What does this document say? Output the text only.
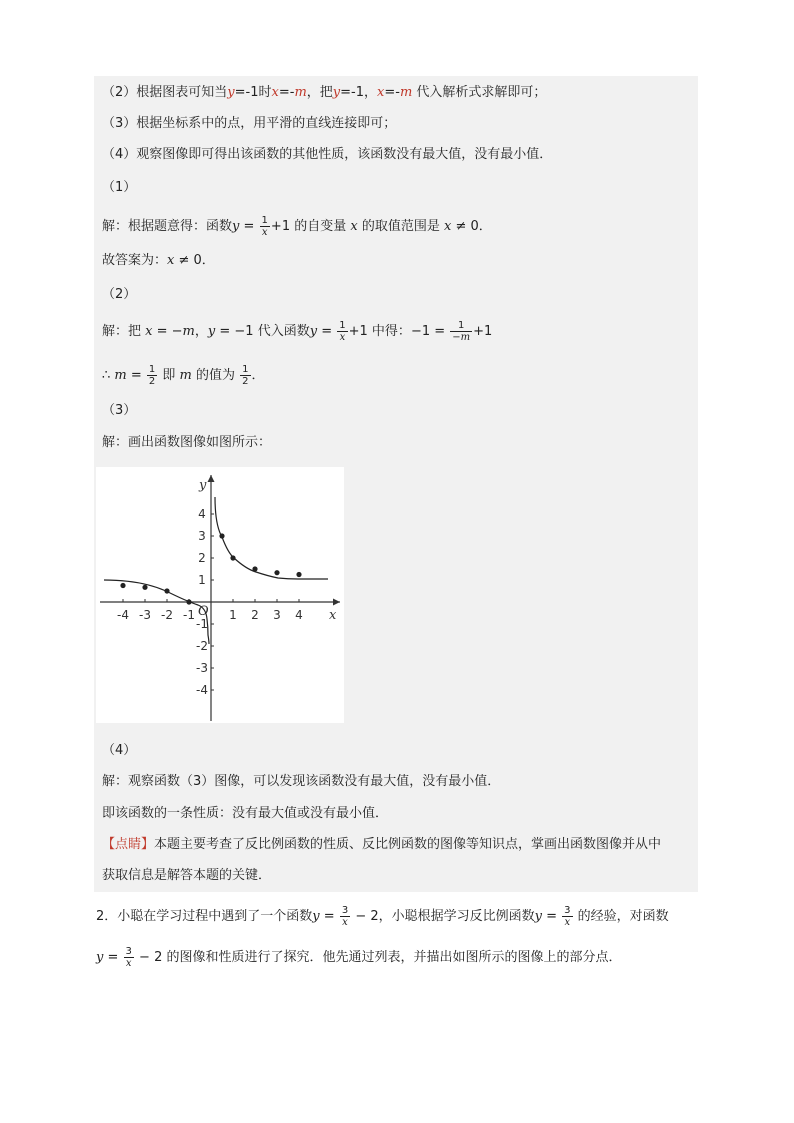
（2）根据图表可知当y=-1时x=-m，把y=-1，x=-m 代入解析式求解即可；
（3）根据坐标系中的点，用平滑的直线连接即可；
（4）观察图像即可得出该函数的其他性质，该函数没有最大值，没有最小值．
（1）
解：根据题意得：函数$y = \frac{1}{x} +1$ 的自变量 x 的取值范围是 x ≠ 0．
故答案为：x ≠ 0．
（2）
解：把 x = −m，y = −1 代入函数$y = \frac{1}{x} +1$ 中得：$-1 = \frac{1}{-m} +1$
∴ $m = \frac{1}{2}$ 即 m 的值为 $\frac{1}{2}$ ．
（3）
解：画出函数图像如图所示：
x
y
O
-4 -3 -2 -1	1 2 3 4
4
3
2
1
-1
-2
-3
-4
（4）
解：观察函数（3）图像，可以发现该函数没有最大值，没有最小值．
即该函数的一条性质：没有最大值或没有最小值．
【点睛】本题主要考查了反比例函数的性质、反比例函数的图像等知识点，掌画出函数图像并从中
获取信息是解答本题的关键．
2．小聪在学习过程中遇到了一个函数$y = \frac{3}{x} - 2$，小聪根据学习反比例函数$y = \frac{3}{x}$ 的经验，对函数
$y = \frac{3}{x} - 2$ 的图像和性质进行了探究．他先通过列表，并描出如图所示的图像上的部分点．
